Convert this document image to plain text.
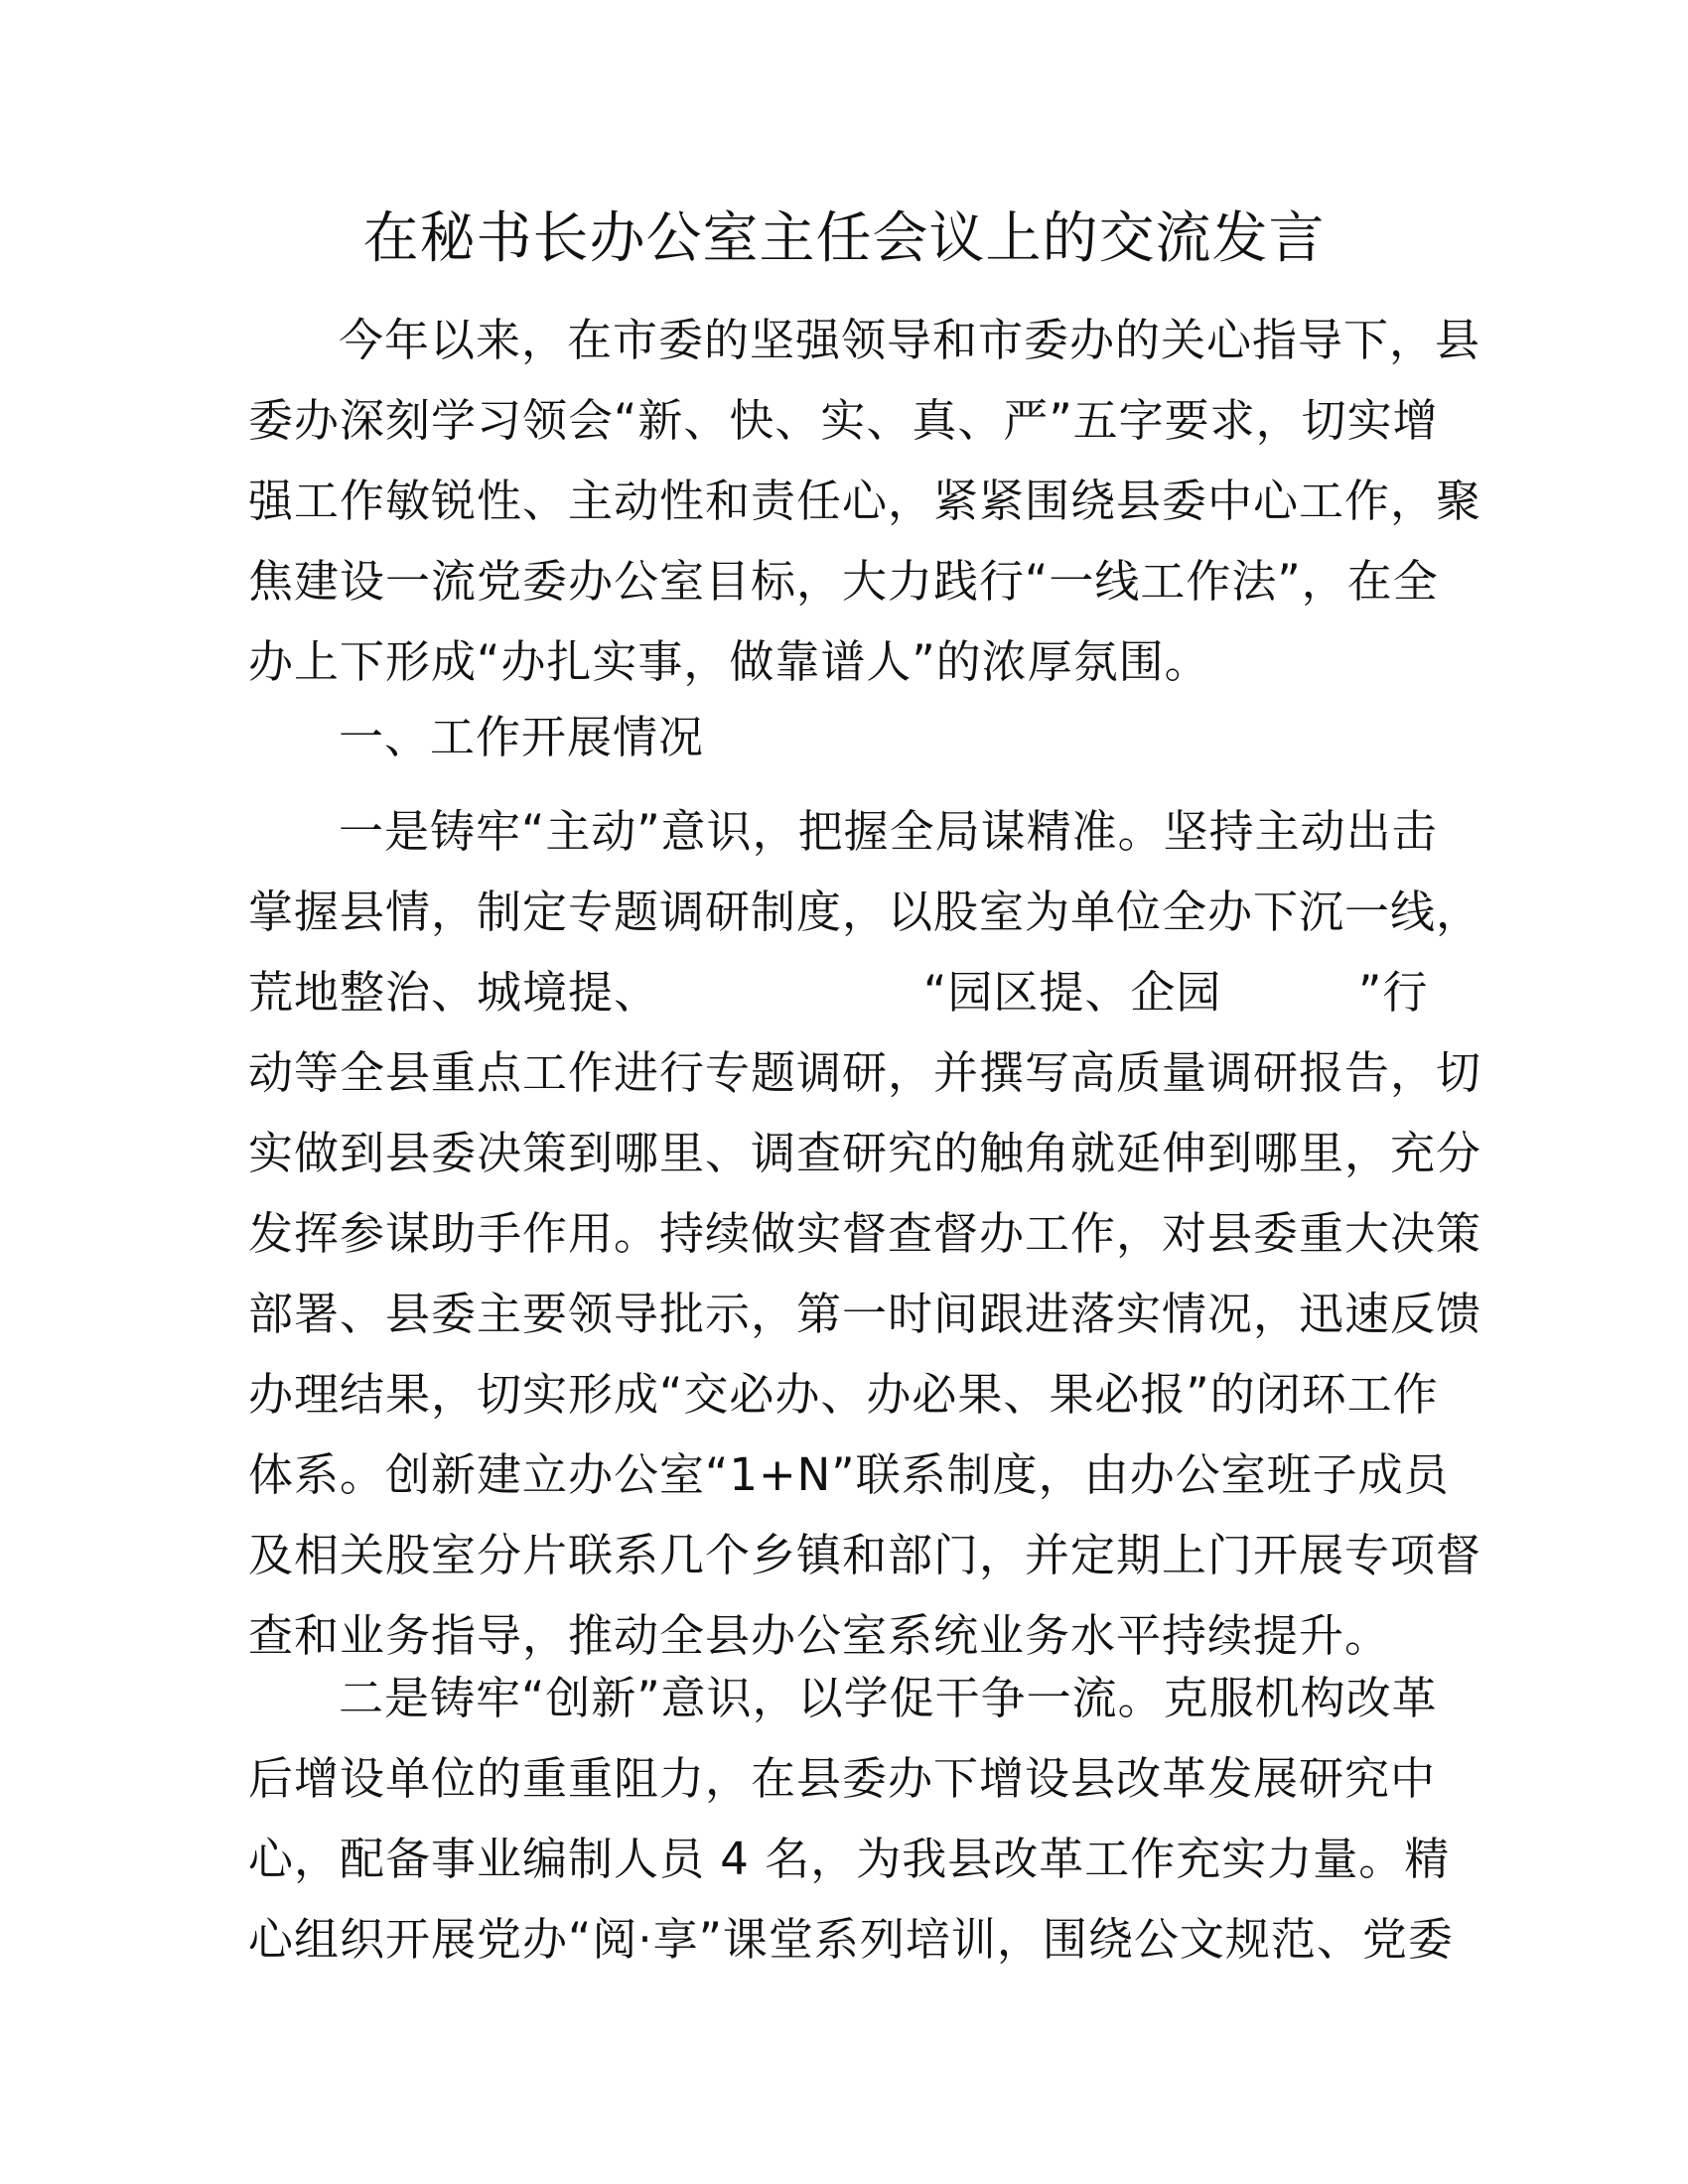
在秘书长办公室主任会议上的交流发言

今年以来，在市委的坚强领导和市委办的关心指导下，县

委办深刻学习领会“新、快、实、真、严”五字要求，切实增

强工作敏锐性、主动性和责任心，紧紧围绕县委中心工作，聚

焦建设一流党委办公室目标，大力践行“一线工作法”，在全

办上下形成“办扎实事，做靠谱人”的浓厚氛围。

一、工作开展情况

一是铸牢“主动”意识，把握全局谋精准。坚持主动出击

掌握县情，制定专题调研制度，以股室为单位全办下沉一线，

荒地整治、城境提、	“园区提、企园	”行

动等全县重点工作进行专题调研，并撰写高质量调研报告，切

实做到县委决策到哪里、调查研究的触角就延伸到哪里，充分

发挥参谋助手作用。持续做实督查督办工作，对县委重大决策

部署、县委主要领导批示，第一时间跟进落实情况，迅速反馈

办理结果，切实形成“交必办、办必果、果必报”的闭环工作

体系。创新建立办公室“1+N”联系制度，由办公室班子成员

及相关股室分片联系几个乡镇和部门，并定期上门开展专项督

查和业务指导，推动全县办公室系统业务水平持续提升。

二是铸牢“创新”意识，以学促干争一流。克服机构改革

后增设单位的重重阻力，在县委办下增设县改革发展研究中

心，配备事业编制人员 4 名，为我县改革工作充实力量。精

心组织开展党办“阅·享”课堂系列培训，围绕公文规范、党委
